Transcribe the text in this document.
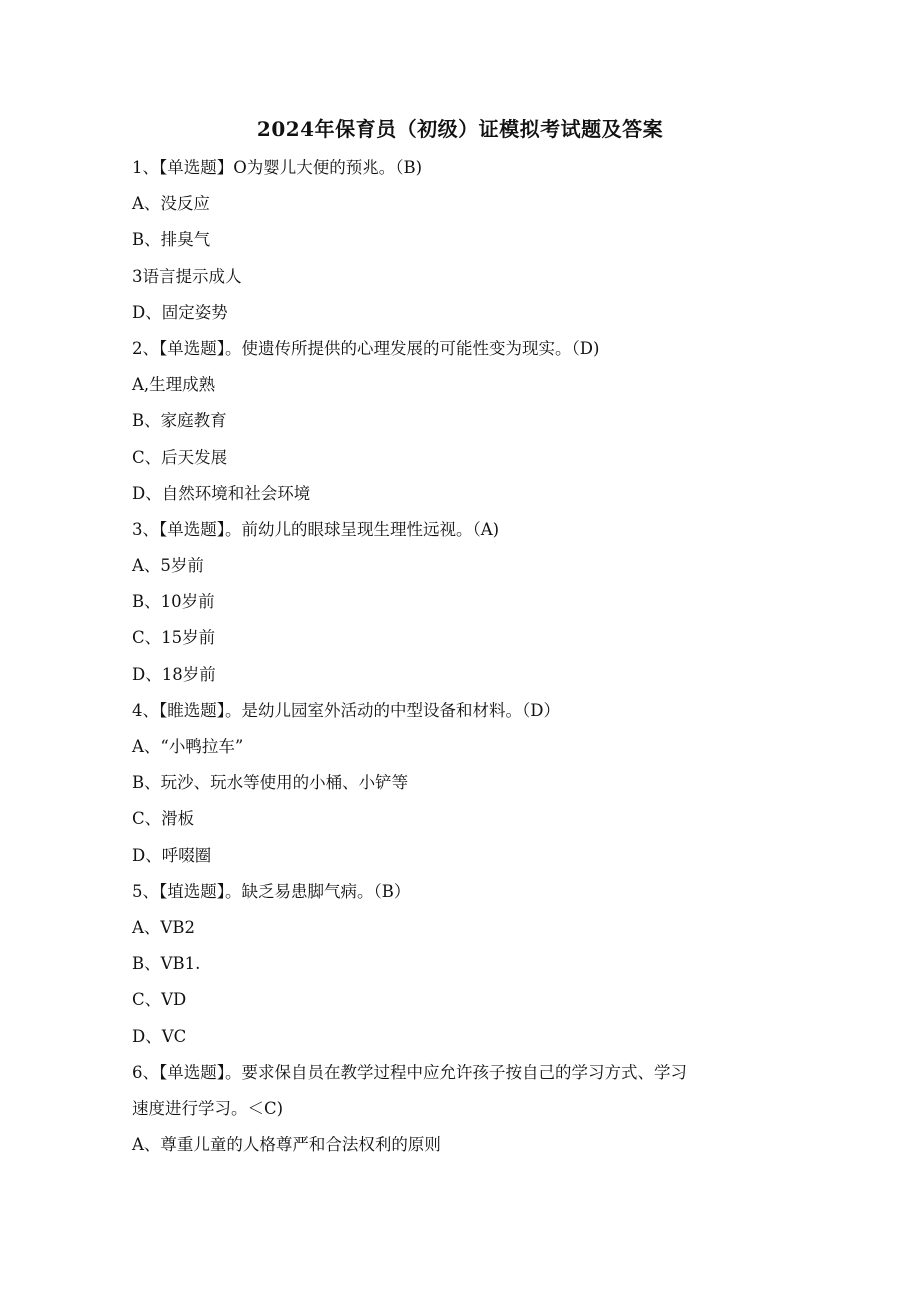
2024年保育员（初级）证模拟考试题及答案
1、【单选题】O为婴儿大便的预兆。（B)
A、没反应
B、排臭气
3语言提示成人
D、固定姿势
2、【单选题】。使遗传所提供的心理发展的可能性变为现实。（D)
A,生理成熟
B、家庭教育
C、后天发展
D、自然环境和社会环境
3、【单选题】。前幼儿的眼球呈现生理性远视。（A)
A、5岁前
B、10岁前
C、15岁前
D、18岁前
4、【睢选题】。是幼儿园室外活动的中型设备和材料。（D）
A、“小鸭拉车”
B、玩沙、玩水等使用的小桶、小铲等
C、滑板
D、呼啜圈
5、【埴选题】。缺乏易患脚气病。（B）
A、VB2
B、VB1.
C、VD
D、VC
6、【单选题】。要求保自员在教学过程中应允许孩子按自己的学习方式、学习
速度进行学习。＜C)
A、尊重儿童的人格尊严和合法权利的原则
